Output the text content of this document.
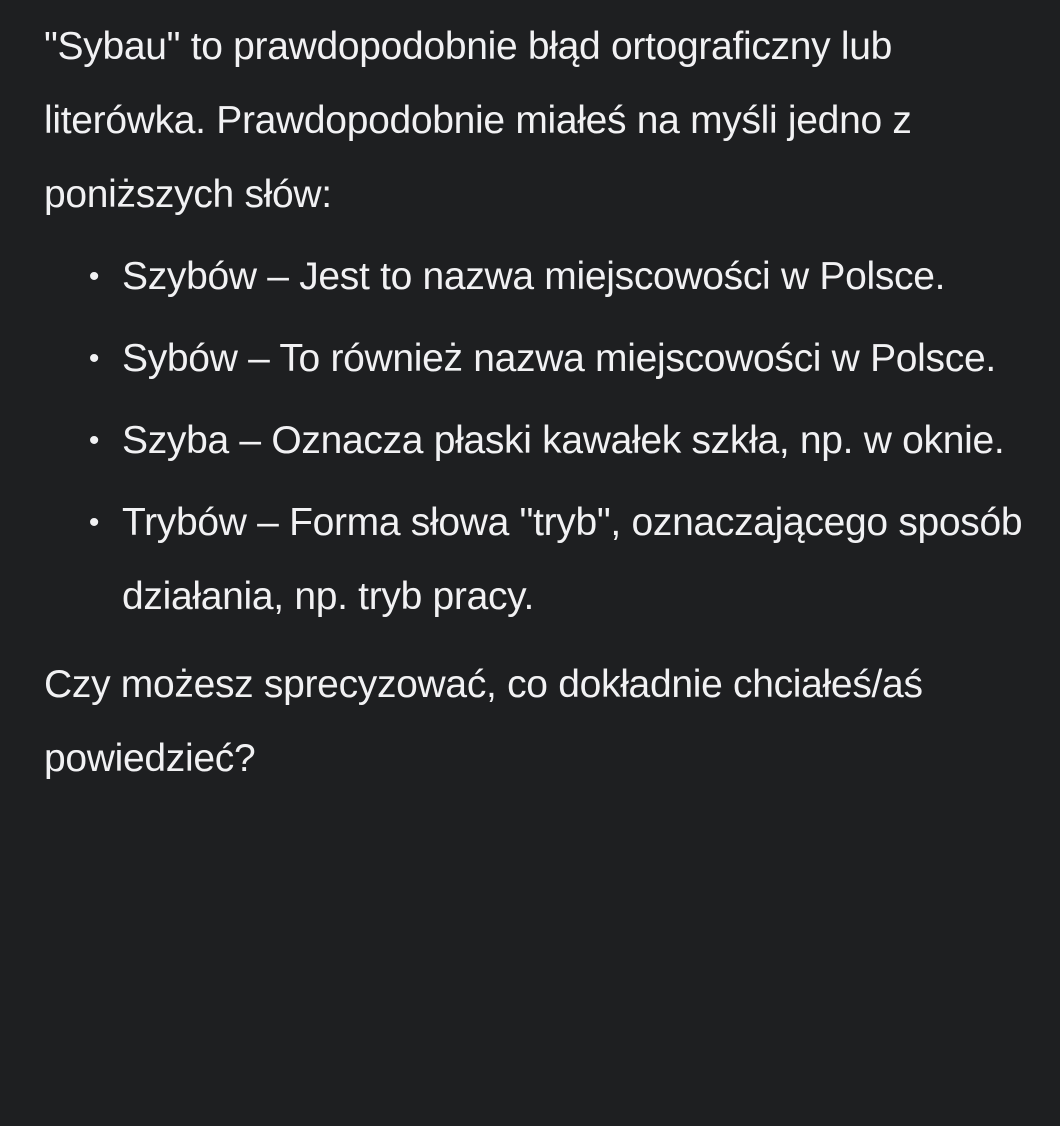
"Sybau" to prawdopodobnie błąd ortograficzny lub literówka. Prawdopodobnie miałeś na myśli jedno z poniższych słów:

• Szybów – Jest to nazwa miejscowości w Polsce.
• Sybów – To również nazwa miejscowości w Polsce.
• Szyba – Oznacza płaski kawałek szkła, np. w oknie.
• Trybów – Forma słowa "tryb", oznaczającego sposób działania, np. tryb pracy.

Czy możesz sprecyzować, co dokładnie chciałeś/aś powiedzieć?
